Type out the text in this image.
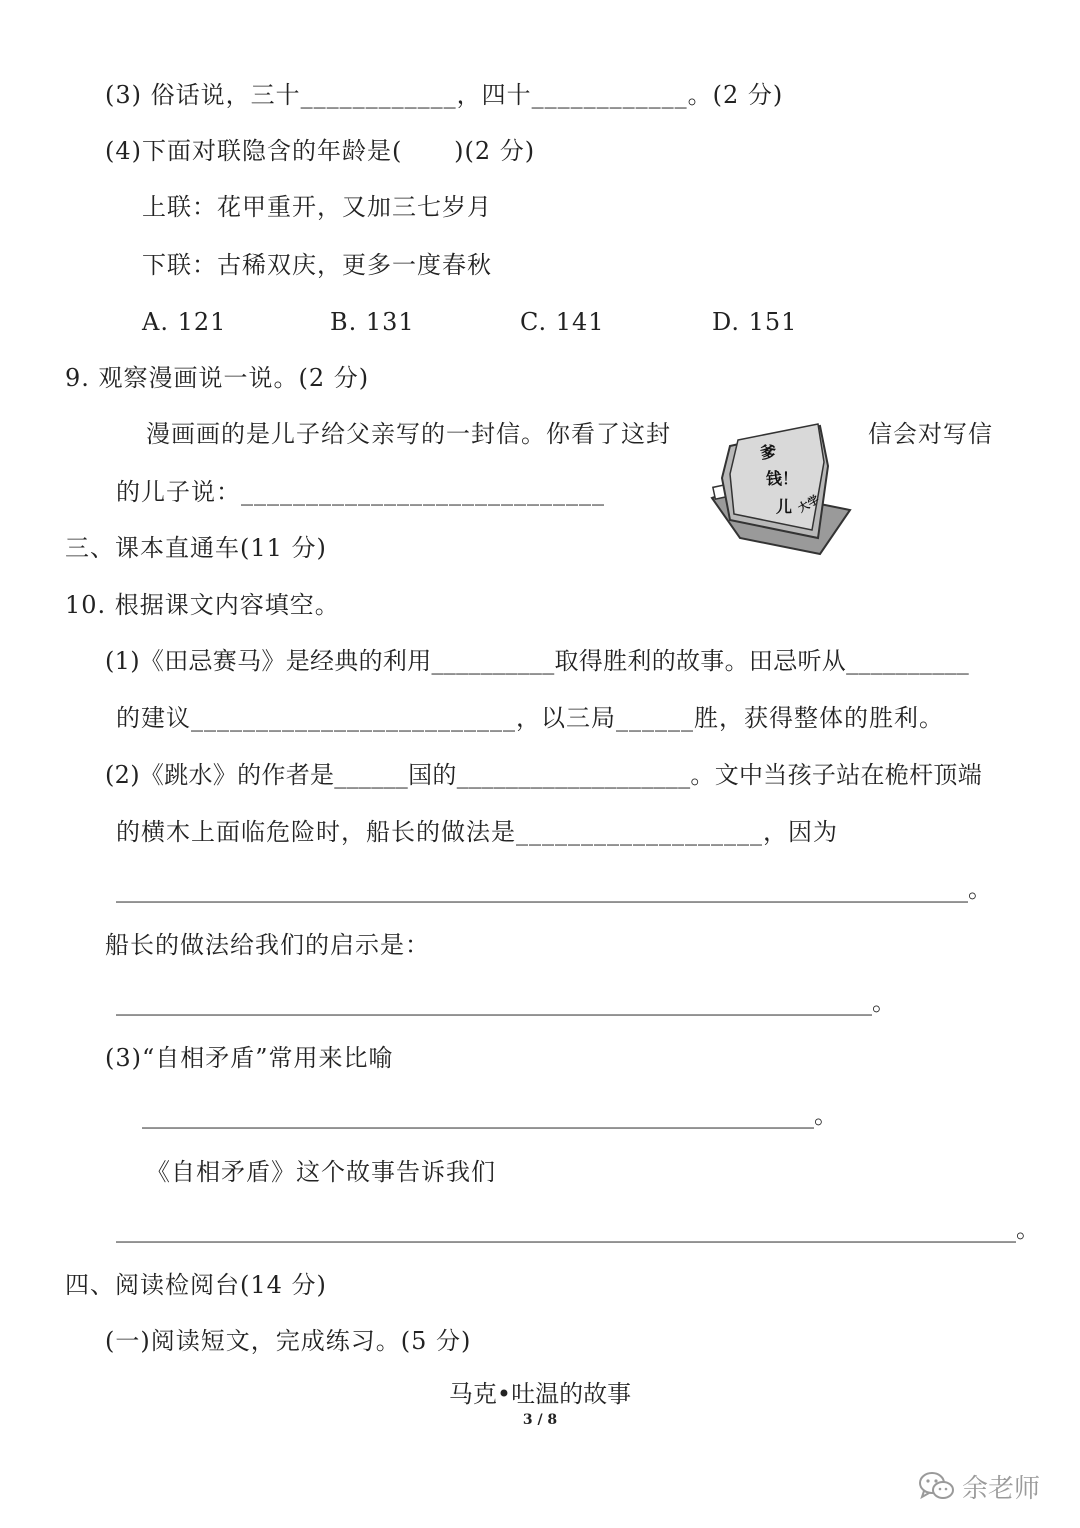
(3) 俗话说，三十____________，四十____________。(2 分)
(4)下面对联隐含的年龄是(      )(2 分)
上联：花甲重开，又加三七岁月
下联：古稀双庆，更多一度春秋
A. 121	B. 131	C. 141	D. 151
9. 观察漫画说一说。(2 分)
漫画画的是儿子给父亲写的一封信。你看了这封	信会对写信
的儿子说：____________________________
爹
钱！
儿 大学
三、课本直通车(11 分)
10. 根据课文内容填空。
(1)《田忌赛马》是经典的利用__________取得胜利的故事。田忌听从__________
的建议_________________________，以三局______胜，获得整体的胜利。
(2)《跳水》的作者是______国的___________________。文中当孩子站在桅杆顶端
的横木上面临危险时，船长的做法是___________________，因为
_______________________________________________________________________。
船长的做法给我们的启示是：
_______________________________________________________________。
(3)“自相矛盾”常用来比喻
________________________________________________________。
《自相矛盾》这个故事告诉我们
___________________________________________________________________________。
四、阅读检阅台(14 分)
(一)阅读短文，完成练习。(5 分)
马克•吐温的故事
3 / 8
余老师
